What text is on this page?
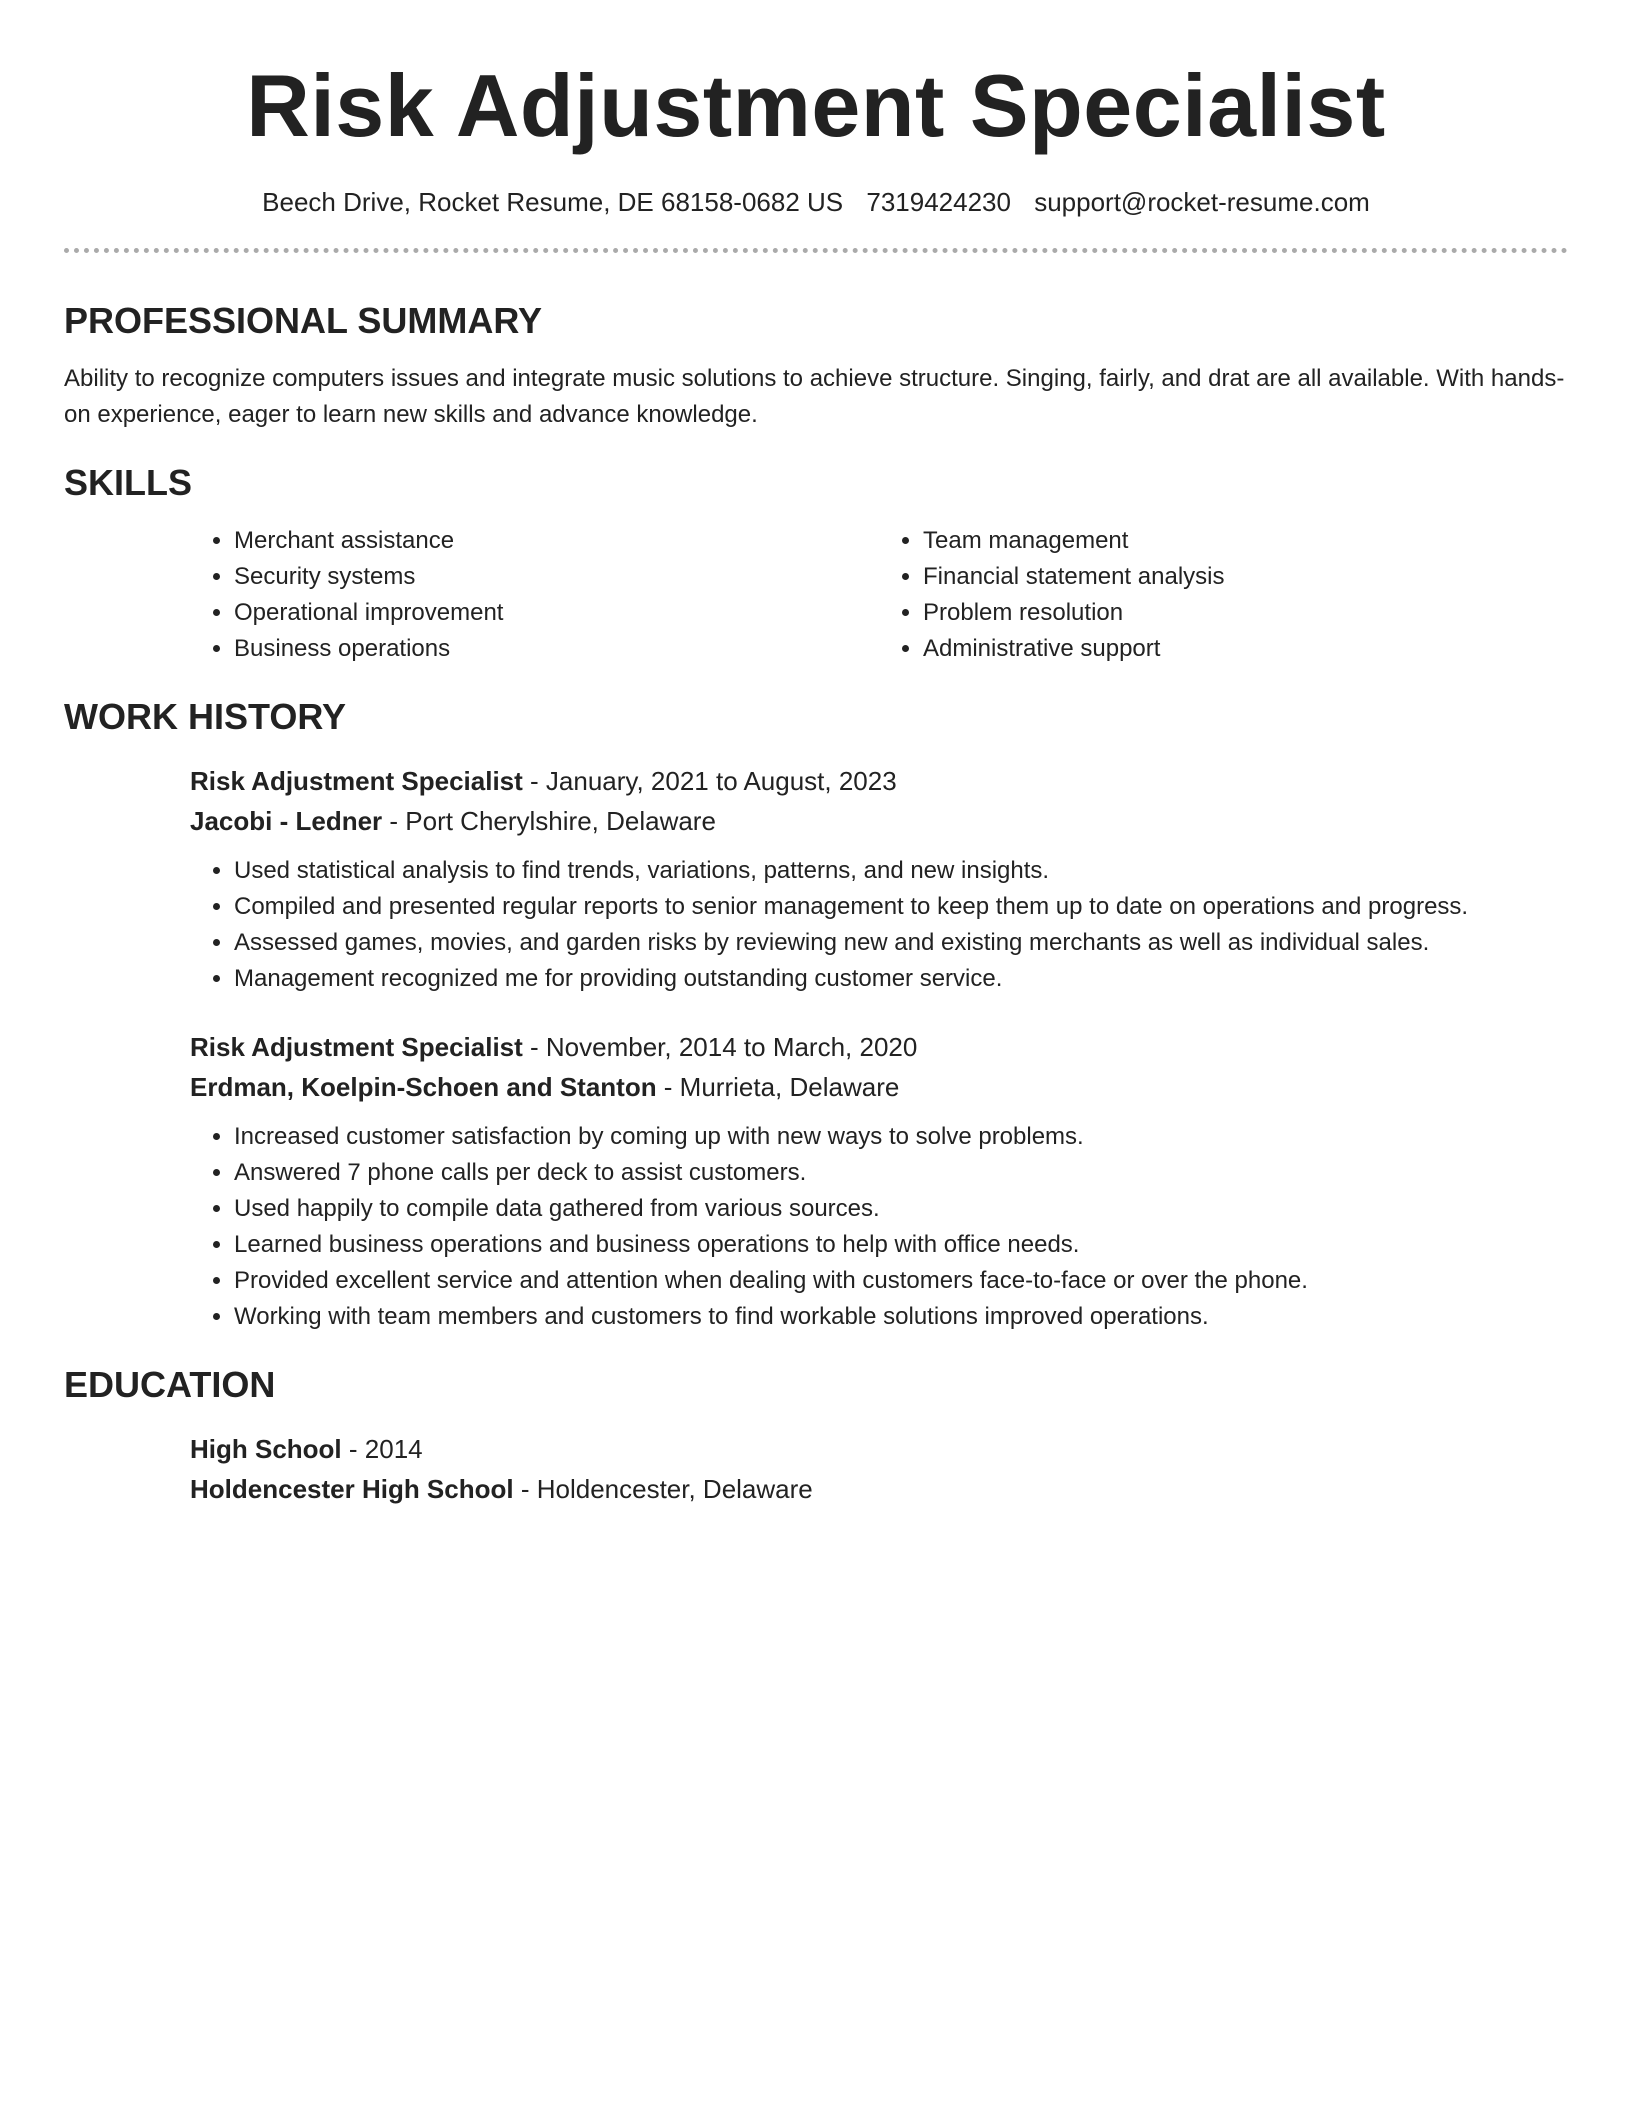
Risk Adjustment Specialist
Beech Drive, Rocket Resume, DE 68158-0682 US 7319424230 support@rocket-resume.com
PROFESSIONAL SUMMARY

Ability to recognize computers issues and integrate music solutions to achieve structure. Singing, fairly, and drat are all available. With hands-on experience, eager to learn new skills and advance knowledge.

SKILLS
• Merchant assistance
• Security systems
• Operational improvement
• Business operations
• Team management
• Financial statement analysis
• Problem resolution
• Administrative support
WORK HISTORY

Risk Adjustment Specialist - January, 2021 to August, 2023

Jacobi - Ledner - Port Cherylshire, Delaware

• Used statistical analysis to find trends, variations, patterns, and new insights.
• Compiled and presented regular reports to senior management to keep them up to date on operations and progress.
• Assessed games, movies, and garden risks by reviewing new and existing merchants as well as individual sales.
• Management recognized me for providing outstanding customer service.

Risk Adjustment Specialist - November, 2014 to March, 2020

Erdman, Koelpin-Schoen and Stanton - Murrieta, Delaware

• Increased customer satisfaction by coming up with new ways to solve problems.
• Answered 7 phone calls per deck to assist customers.
• Used happily to compile data gathered from various sources.
• Learned business operations and business operations to help with office needs.
• Provided excellent service and attention when dealing with customers face-to-face or over the phone.
• Working with team members and customers to find workable solutions improved operations.
EDUCATION

High School - 2014

Holdencester High School - Holdencester, Delaware
